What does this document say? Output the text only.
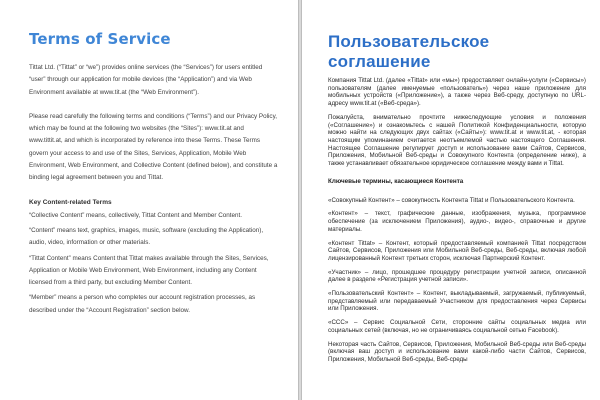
Terms of Service

Tittat Ltd. (“Tittat” or “we”) provides online services (the “Services”) for users entitled “user” through our application for mobile devices (the “Application”) and via Web Environment available at www.tit.at (the “Web Environment”).

Please read carefully the following terms and conditions (“Terms”) and our Privacy Policy, which may be found at the following two websites (the “Sites”): www.tit.at and www.tittit.at, and which is incorporated by reference into these Terms. These Terms govern your access to and use of the Sites, Services, Application, Mobile Web Environment, Web Environment, and Collective Content (defined below), and constitute a binding legal agreement between you and Tittat.

Key Content-related Terms

“Collective Content” means, collectively, Tittat Content and Member Content.

“Content” means text, graphics, images, music, software (excluding the Application), audio, video, information or other materials.

“Tittat Content” means Content that Tittat makes available through the Sites, Services, Application or Mobile Web Environment, Web Environment, including any Content licensed from a third party, but excluding Member Content.

“Member” means a person who completes our account registration processes, as described under the “Account Registration” section below.

Пользовательское соглашение

Компания Tittat Ltd. (далее «Tittat» или «мы») предоставляет онлайн-услуги («Сервисы») пользователям (далее именуемые «пользователь») через наше приложение для мобильных устройств («Приложение»), а также через Веб-среду, доступную по URL-адресу www.tit.at («Веб-среда»).

Пожалуйста, внимательно прочтите нижеследующие условия и положения («Соглашение») и ознакомьтесь с нашей Политикой Конфиденциальности, которую можно найти на следующих двух сайтах («Сайты»): www.tit.at и www.tit.at, - которая настоящим упоминанием считается неотъемлемой частью настоящего Соглашения. Настоящее Соглашение регулирует доступ и использование вами Сайтов, Сервисов, Приложения, Мобильной Веб-среды и Совокупного Контента (определение ниже), а также устанавливает обязательное юридическое соглашение между вами и Tittat.

Ключевые термины, касающиеся Контента

«Совокупный Контент» – совокупность Контента Tittat и Пользовательского Контента.

«Контент» – текст, графические данные, изображения, музыка, программное обеспечение (за исключением Приложения), аудио-, видео-, справочные и другие материалы.

«Контент Tittat» – Контент, который предоставляемый компанией Tittat посредством Сайтов, Сервисов, Приложения или Мобильной Веб-среды, Веб-среды, включая любой лицензированный Контент третьих сторон, исключая Партнерский Контент.

«Участник» – лицо, прошедшее процедуру регистрации учетной записи, описанной далее в разделе «Регистрация учетной записи».

«Пользовательский Контент» – Контент, выкладываемый, загружаемый, публикуемый, представляемый или передаваемый Участником для предоставления через Сервисы или Приложения.

«ССС» – Сервис Социальной Сети, сторонние сайты социальных медиа или социальных сетей (включая, но не ограничиваясь социальной сетью Facebook).

Некоторая часть Сайтов, Сервисов, Приложения, Мобильной Веб-среды или Веб-среды (включая ваш доступ и использование вами какой-либо части Сайтов, Сервисов, Приложения, Мобильной Веб-среды, Веб-среды
